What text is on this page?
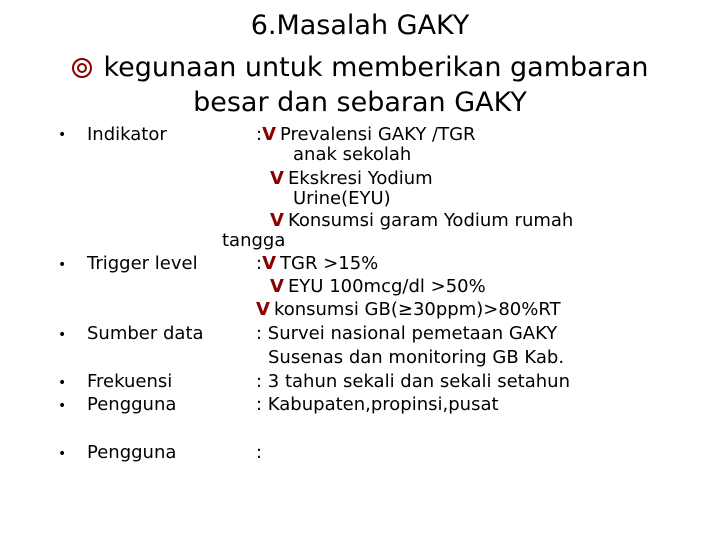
6.Masalah GAKY
kegunaan untuk memberikan gambaran
besar dan sebaran GAKY
• Indikator	:V Prevalensi GAKY /TGR
anak sekolah
V Ekskresi Yodium
Urine(EYU)
V Konsumsi garam Yodium rumah
tangga
• Trigger level	:V TGR >15%
V EYU 100mcg/dl >50%
V konsumsi GB(≥30ppm)>80%RT
• Sumber data	: Survei nasional pemetaan GAKY
Susenas dan monitoring GB Kab.
• Frekuensi	: 3 tahun sekali dan sekali setahun
• Pengguna	: Kabupaten,propinsi,pusat
• Pengguna	:
